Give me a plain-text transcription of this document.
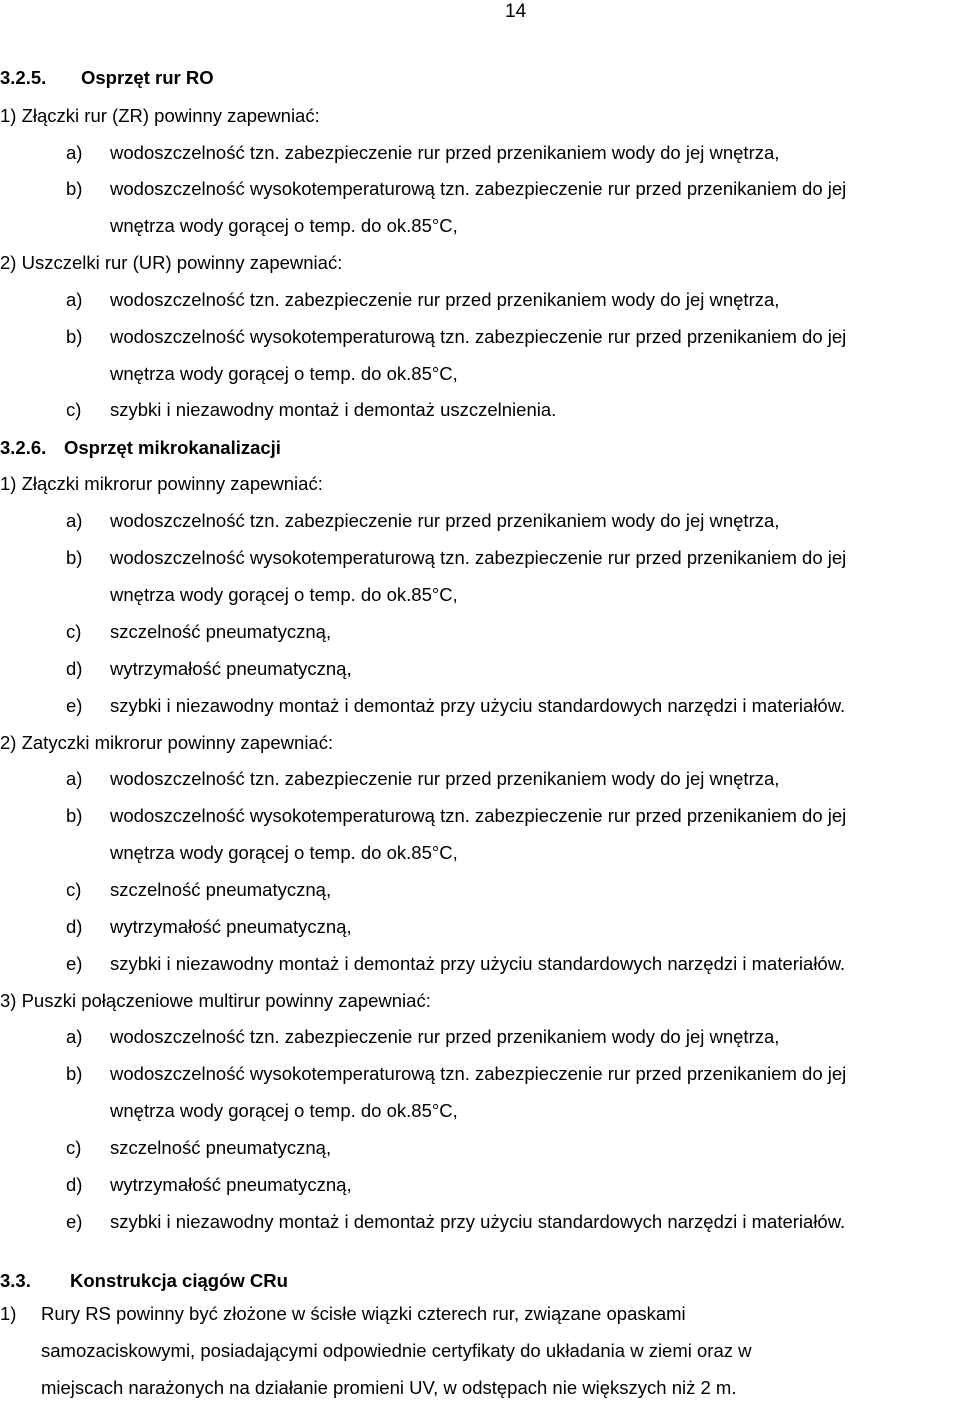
14
3.2.5. Osprzęt rur RO
1) Złączki rur (ZR) powinny zapewniać:
a) wodoszczelność tzn. zabezpieczenie rur przed przenikaniem wody do jej wnętrza,
b) wodoszczelność wysokotemperaturową tzn. zabezpieczenie rur przed przenikaniem do jej
wnętrza wody gorącej o temp. do ok.85°C,
2) Uszczelki rur (UR) powinny zapewniać:
a) wodoszczelność tzn. zabezpieczenie rur przed przenikaniem wody do jej wnętrza,
b) wodoszczelność wysokotemperaturową tzn. zabezpieczenie rur przed przenikaniem do jej
wnętrza wody gorącej o temp. do ok.85°C,
c) szybki i niezawodny montaż i demontaż uszczelnienia.
3.2.6. Osprzęt mikrokanalizacji
1) Złączki mikrorur powinny zapewniać:
a) wodoszczelność tzn. zabezpieczenie rur przed przenikaniem wody do jej wnętrza,
b) wodoszczelność wysokotemperaturową tzn. zabezpieczenie rur przed przenikaniem do jej
wnętrza wody gorącej o temp. do ok.85°C,
c) szczelność pneumatyczną,
d) wytrzymałość pneumatyczną,
e) szybki i niezawodny montaż i demontaż przy użyciu standardowych narzędzi i materiałów.
2) Zatyczki mikrorur powinny zapewniać:
a) wodoszczelność tzn. zabezpieczenie rur przed przenikaniem wody do jej wnętrza,
b) wodoszczelność wysokotemperaturową tzn. zabezpieczenie rur przed przenikaniem do jej
wnętrza wody gorącej o temp. do ok.85°C,
c) szczelność pneumatyczną,
d) wytrzymałość pneumatyczną,
e) szybki i niezawodny montaż i demontaż przy użyciu standardowych narzędzi i materiałów.
3) Puszki połączeniowe multirur powinny zapewniać:
a) wodoszczelność tzn. zabezpieczenie rur przed przenikaniem wody do jej wnętrza,
b) wodoszczelność wysokotemperaturową tzn. zabezpieczenie rur przed przenikaniem do jej
wnętrza wody gorącej o temp. do ok.85°C,
c) szczelność pneumatyczną,
d) wytrzymałość pneumatyczną,
e) szybki i niezawodny montaż i demontaż przy użyciu standardowych narzędzi i materiałów.
3.3. Konstrukcja ciągów CRu
1) Rury RS powinny być złożone w ścisłe wiązki czterech rur, związane opaskami
samozaciskowymi, posiadającymi odpowiednie certyfikaty do układania w ziemi oraz w
miejscach narażonych na działanie promieni UV, w odstępach nie większych niż 2 m.
